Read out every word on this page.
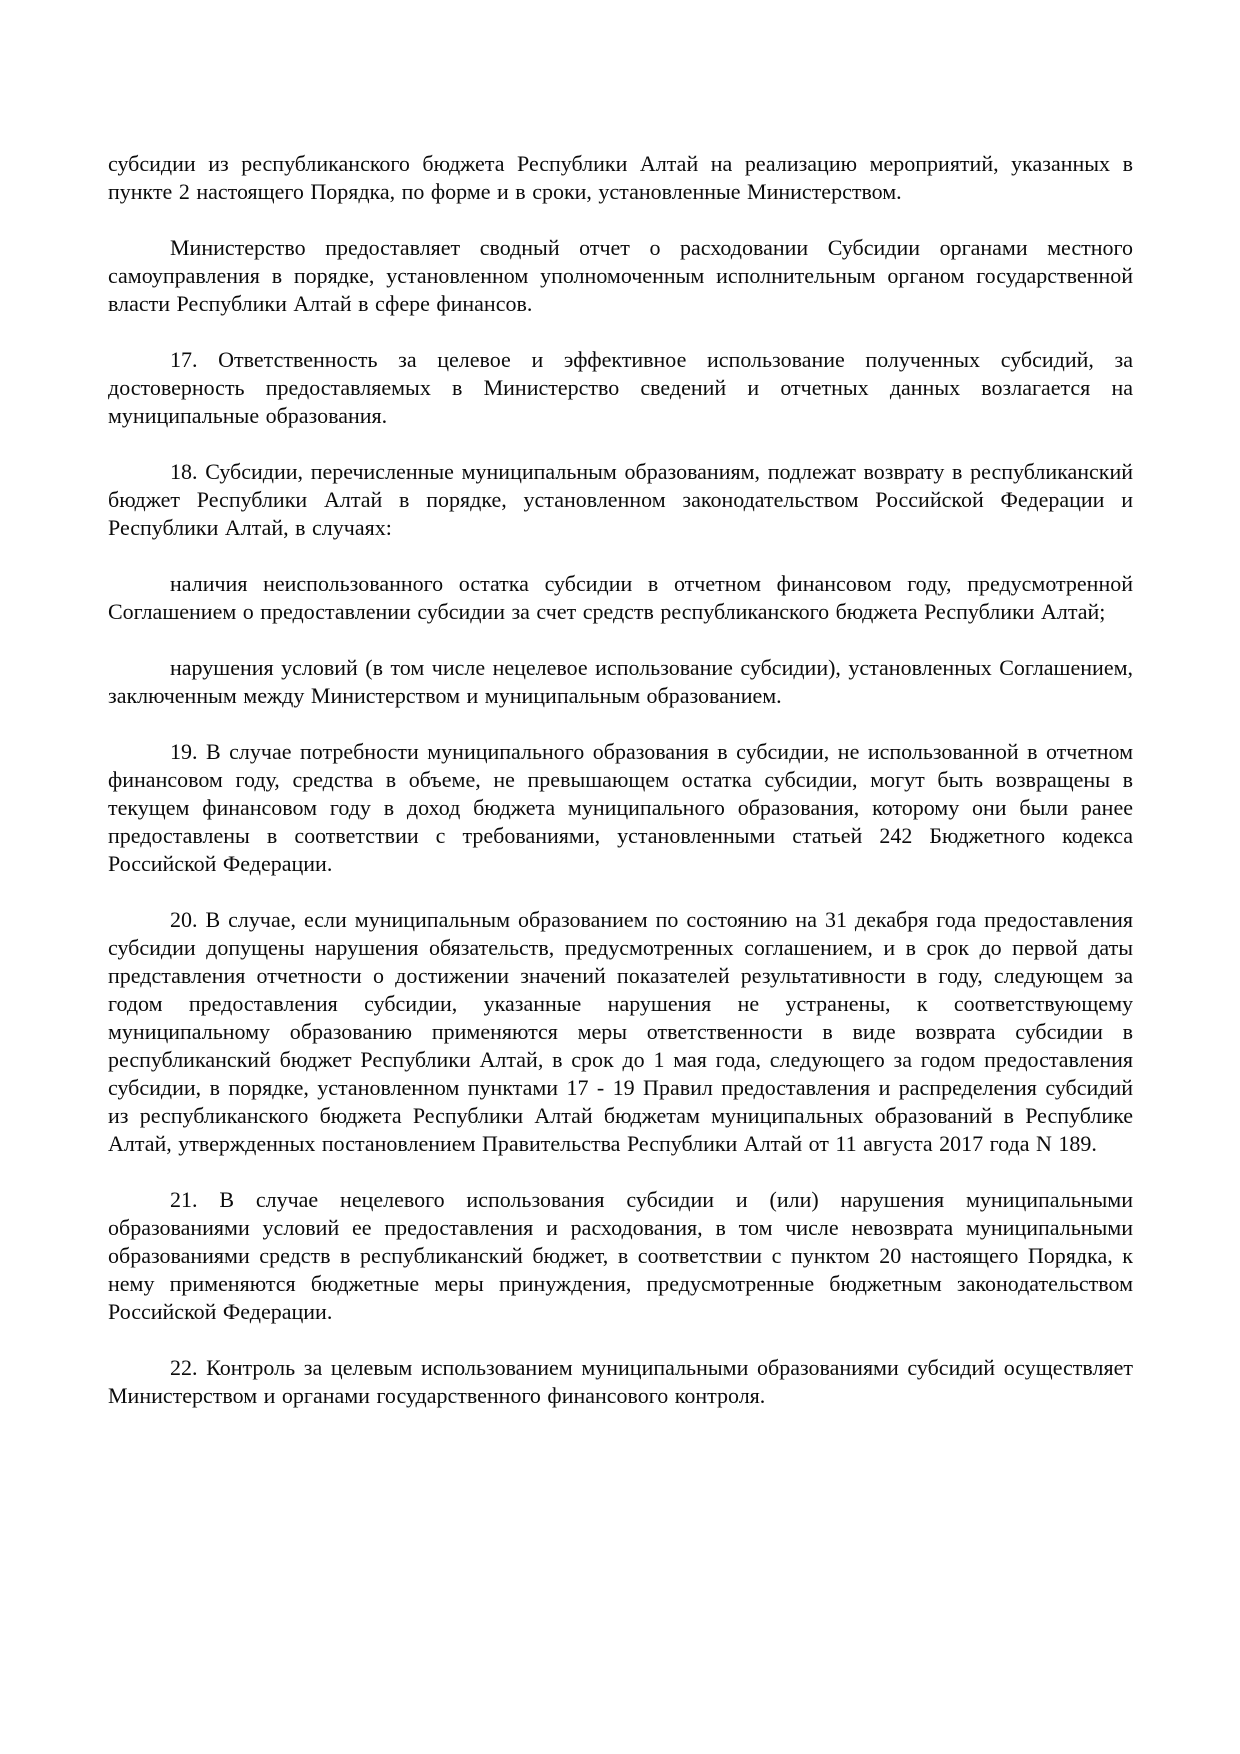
субсидии из республиканского бюджета Республики Алтай на реализацию мероприятий, указанных в пункте 2 настоящего Порядка, по форме и в сроки, установленные Министерством.

Министерство предоставляет сводный отчет о расходовании Субсидии органами местного самоуправления в порядке, установленном уполномоченным исполнительным органом государственной власти Республики Алтай в сфере финансов.

17. Ответственность за целевое и эффективное использование полученных субсидий, за достоверность предоставляемых в Министерство сведений и отчетных данных возлагается на муниципальные образования.

18. Субсидии, перечисленные муниципальным образованиям, подлежат возврату в республиканский бюджет Республики Алтай в порядке, установленном законодательством Российской Федерации и Республики Алтай, в случаях:

наличия неиспользованного остатка субсидии в отчетном финансовом году, предусмотренной Соглашением о предоставлении субсидии за счет средств республиканского бюджета Республики Алтай;

нарушения условий (в том числе нецелевое использование субсидии), установленных Соглашением, заключенным между Министерством и муниципальным образованием.

19. В случае потребности муниципального образования в субсидии, не использованной в отчетном финансовом году, средства в объеме, не превышающем остатка субсидии, могут быть возвращены в текущем финансовом году в доход бюджета муниципального образования, которому они были ранее предоставлены в соответствии с требованиями, установленными статьей 242 Бюджетного кодекса Российской Федерации.

20. В случае, если муниципальным образованием по состоянию на 31 декабря года предоставления субсидии допущены нарушения обязательств, предусмотренных соглашением, и в срок до первой даты представления отчетности о достижении значений показателей результативности в году, следующем за годом предоставления субсидии, указанные нарушения не устранены, к соответствующему муниципальному образованию применяются меры ответственности в виде возврата субсидии в республиканский бюджет Республики Алтай, в срок до 1 мая года, следующего за годом предоставления субсидии, в порядке, установленном пунктами 17 - 19 Правил предоставления и распределения субсидий из республиканского бюджета Республики Алтай бюджетам муниципальных образований в Республике Алтай, утвержденных постановлением Правительства Республики Алтай от 11 августа 2017 года N 189.

21. В случае нецелевого использования субсидии и (или) нарушения муниципальными образованиями условий ее предоставления и расходования, в том числе невозврата муниципальными образованиями средств в республиканский бюджет, в соответствии с пунктом 20 настоящего Порядка, к нему применяются бюджетные меры принуждения, предусмотренные бюджетным законодательством Российской Федерации.

22. Контроль за целевым использованием муниципальными образованиями субсидий осуществляет Министерством и органами государственного финансового контроля.
